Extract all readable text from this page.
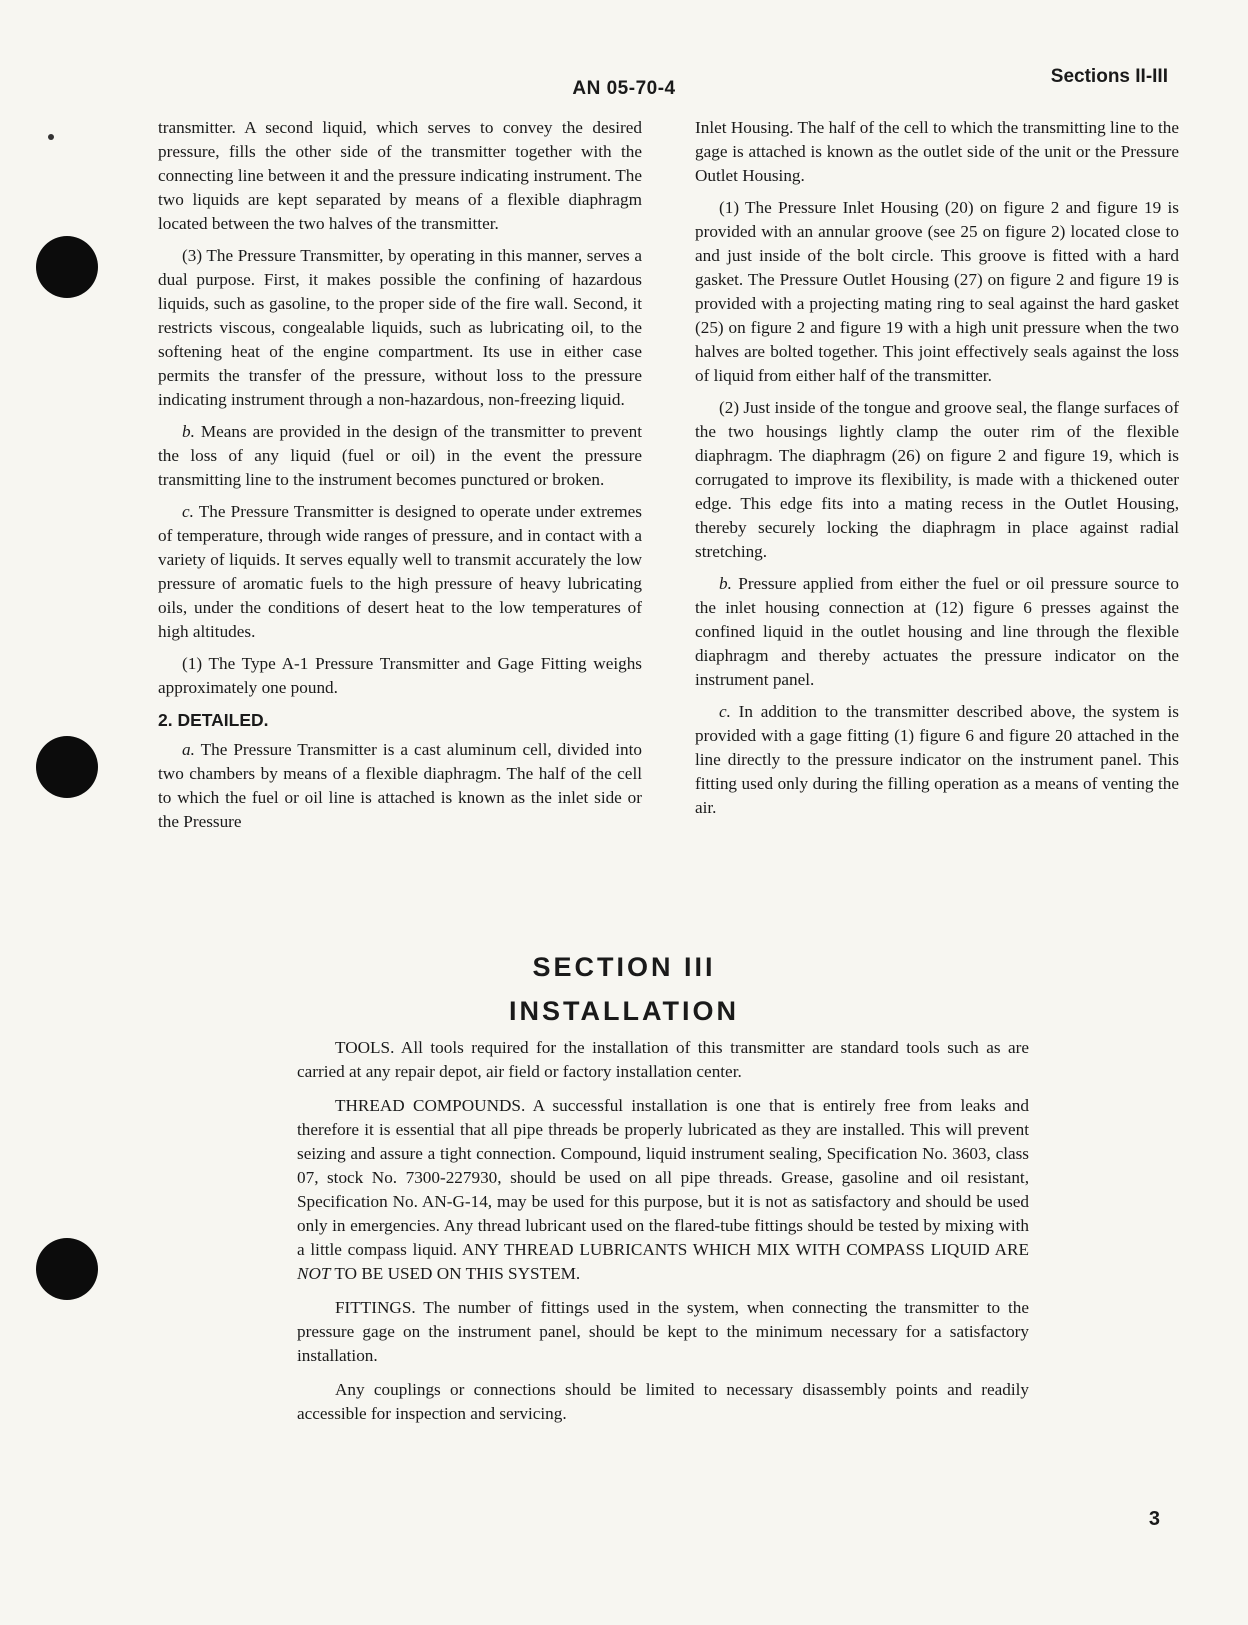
AN 05-70-4
Sections II-III

transmitter. A second liquid, which serves to convey the desired pressure, fills the other side of the transmitter together with the connecting line between it and the pressure indicating instrument. The two liquids are kept separated by means of a flexible diaphragm located between the two halves of the transmitter.

(3) The Pressure Transmitter, by operating in this manner, serves a dual purpose. First, it makes possible the confining of hazardous liquids, such as gasoline, to the proper side of the fire wall. Second, it restricts viscous, congealable liquids, such as lubricating oil, to the softening heat of the engine compartment. Its use in either case permits the transfer of the pressure, without loss to the pressure indicating instrument through a non-hazardous, non-freezing liquid.

b. Means are provided in the design of the transmitter to prevent the loss of any liquid (fuel or oil) in the event the pressure transmitting line to the instrument becomes punctured or broken.

c. The Pressure Transmitter is designed to operate under extremes of temperature, through wide ranges of pressure, and in contact with a variety of liquids. It serves equally well to transmit accurately the low pressure of aromatic fuels to the high pressure of heavy lubricating oils, under the conditions of desert heat to the low temperatures of high altitudes.

(1) The Type A-1 Pressure Transmitter and Gage Fitting weighs approximately one pound.

2. DETAILED.

a. The Pressure Transmitter is a cast aluminum cell, divided into two chambers by means of a flexible diaphragm. The half of the cell to which the fuel or oil line is attached is known as the inlet side or the Pressure

Inlet Housing. The half of the cell to which the transmitting line to the gage is attached is known as the outlet side of the unit or the Pressure Outlet Housing.

(1) The Pressure Inlet Housing (20) on figure 2 and figure 19 is provided with an annular groove (see 25 on figure 2) located close to and just inside of the bolt circle. This groove is fitted with a hard gasket. The Pressure Outlet Housing (27) on figure 2 and figure 19 is provided with a projecting mating ring to seal against the hard gasket (25) on figure 2 and figure 19 with a high unit pressure when the two halves are bolted together. This joint effectively seals against the loss of liquid from either half of the transmitter.

(2) Just inside of the tongue and groove seal, the flange surfaces of the two housings lightly clamp the outer rim of the flexible diaphragm. The diaphragm (26) on figure 2 and figure 19, which is corrugated to improve its flexibility, is made with a thickened outer edge. This edge fits into a mating recess in the Outlet Housing, thereby securely locking the diaphragm in place against radial stretching.

b. Pressure applied from either the fuel or oil pressure source to the inlet housing connection at (12) figure 6 presses against the confined liquid in the outlet housing and line through the flexible diaphragm and thereby actuates the pressure indicator on the instrument panel.

c. In addition to the transmitter described above, the system is provided with a gage fitting (1) figure 6 and figure 20 attached in the line directly to the pressure indicator on the instrument panel. This fitting used only during the filling operation as a means of venting the air.

SECTION III
INSTALLATION

TOOLS. All tools required for the installation of this transmitter are standard tools such as are carried at any repair depot, air field or factory installation center.

THREAD COMPOUNDS. A successful installation is one that is entirely free from leaks and therefore it is essential that all pipe threads be properly lubricated as they are installed. This will prevent seizing and assure a tight connection. Compound, liquid instrument sealing, Specification No. 3603, class 07, stock No. 7300-227930, should be used on all pipe threads. Grease, gasoline and oil resistant, Specification No. AN-G-14, may be used for this purpose, but it is not as satisfactory and should be used only in emergencies. Any thread lubricant used on the flared-tube fittings should be tested by mixing with a little compass liquid. ANY THREAD LUBRICANTS WHICH MIX WITH COMPASS LIQUID ARE NOT TO BE USED ON THIS SYSTEM.

FITTINGS. The number of fittings used in the system, when connecting the transmitter to the pressure gage on the instrument panel, should be kept to the minimum necessary for a satisfactory installation.

Any couplings or connections should be limited to necessary disassembly points and readily accessible for inspection and servicing.

3
